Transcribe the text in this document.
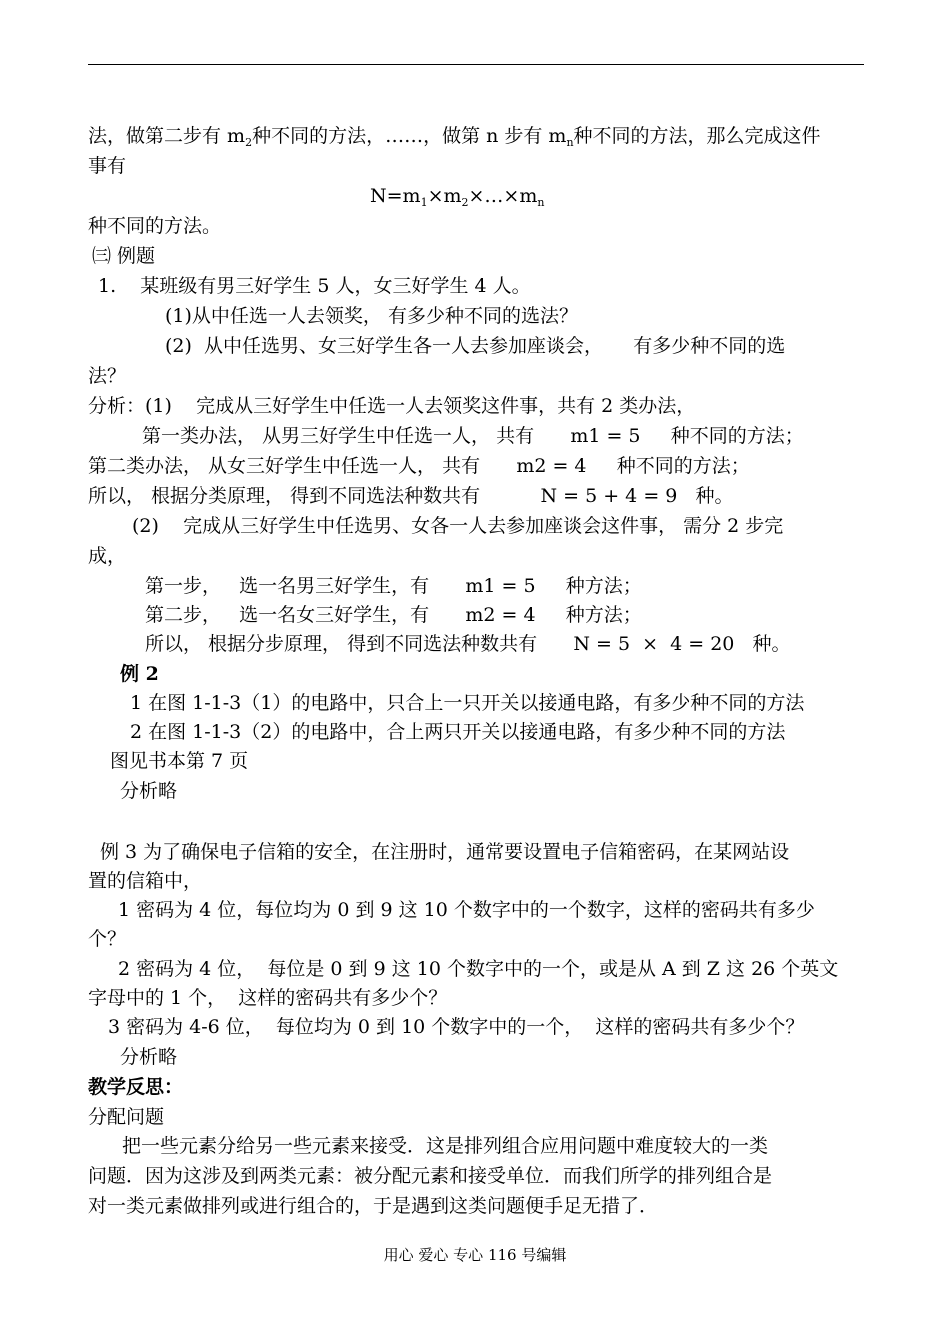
法，做第二步有 $m_2$种不同的方法，……，做第 n 步有 $m_n$种不同的方法，那么完成这件
事有
$N=m_1\times m_2\times\dots\times m_n$
种不同的方法。
㈢ 例题
1.    某班级有男三好学生 5 人，女三好学生 4 人。
(1)从中任选一人去领奖， 有多少种不同的选法？
(2)  从中任选男、女三好学生各一人去参加座谈会，     有多少种不同的选
法？
分析：(1)    完成从三好学生中任选一人去领奖这件事，共有 2 类办法，
第一类办法， 从男三好学生中任选一人， 共有      m1 = 5     种不同的方法；
第二类办法， 从女三好学生中任选一人， 共有      m2 = 4     种不同的方法；
所以， 根据分类原理， 得到不同选法种数共有          N = 5 + 4 = 9   种。
(2)    完成从三好学生中任选男、女各一人去参加座谈会这件事， 需分 2 步完
成，
第一步，   选一名男三好学生，有      m1 = 5     种方法；
第二步，   选一名女三好学生，有      m2 = 4     种方法；
所以， 根据分步原理， 得到不同选法种数共有      N = 5  ×  4 = 20   种。
例 2
1 在图 1-1-3（1）的电路中，只合上一只开关以接通电路，有多少种不同的方法
2 在图 1-1-3（2）的电路中，合上两只开关以接通电路，有多少种不同的方法
图见书本第 7 页
分析略
例 3 为了确保电子信箱的安全，在注册时，通常要设置电子信箱密码，在某网站设
置的信箱中，
1 密码为 4 位，每位均为 0 到 9 这 10 个数字中的一个数字，这样的密码共有多少
个？
2 密码为 4 位，  每位是 0 到 9 这 10 个数字中的一个，或是从 A 到 Z 这 26 个英文
字母中的 1 个，  这样的密码共有多少个？
3 密码为 4-6 位，  每位均为 0 到 10 个数字中的一个，  这样的密码共有多少个？
分析略
教学反思：
分配问题
把一些元素分给另一些元素来接受．这是排列组合应用问题中难度较大的一类
问题．因为这涉及到两类元素：被分配元素和接受单位．而我们所学的排列组合是
对一类元素做排列或进行组合的，于是遇到这类问题便手足无措了．
用心 爱心 专心 116 号编辑
